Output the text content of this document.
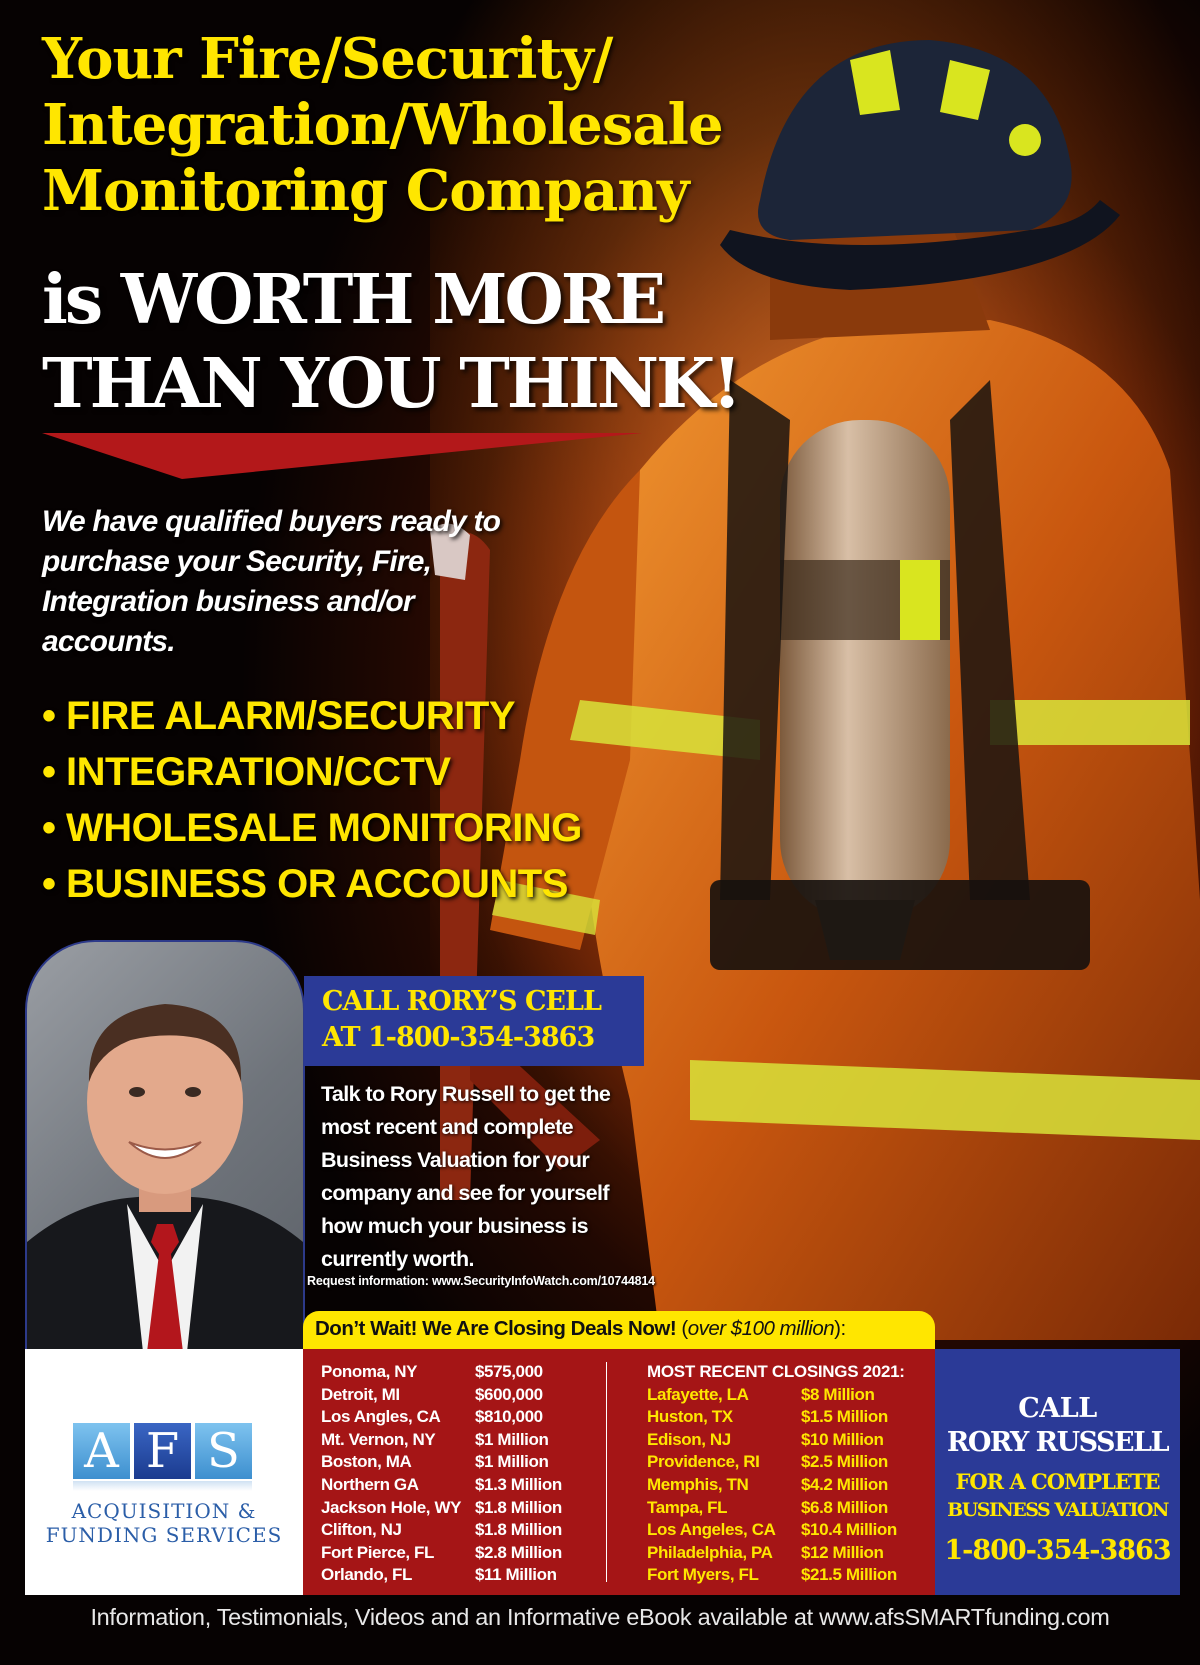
Your Fire/Security/
Integration/Wholesale
Monitoring Company
is WORTH MORE
THAN YOU THINK!

We have qualified buyers ready to purchase your Security, Fire, Integration business and/or accounts.

• FIRE ALARM/SECURITY
• INTEGRATION/CCTV
• WHOLESALE MONITORING
• BUSINESS OR ACCOUNTS
CALL RORY’S CELL
AT 1-800-354-3863

Talk to Rory Russell to get the most recent and complete Business Valuation for your company and see for yourself how much your business is currently worth.

Request information: www.SecurityInfoWatch.com/10744814

Don’t Wait! We Are Closing Deals Now! (over $100 million):
A F S
ACQUISITION &
FUNDING SERVICES
Ponoma, NY	$575,000
Detroit, MI	$600,000
Los Angles, CA	$810,000
Mt. Vernon, NY	$1 Million
Boston, MA	$1 Million
Northern GA	$1.3 Million
Jackson Hole, WY $1.8 Million
Clifton, NJ	$1.8 Million
Fort Pierce, FL	$2.8 Million
Orlando, FL	$11 Million
MOST RECENT CLOSINGS 2021:
Lafayette, LA	$8 Million
Huston, TX	$1.5 Million
Edison, NJ	$10 Million
Providence, RI	$2.5 Million
Memphis, TN	$4.2 Million
Tampa, FL	$6.8 Million
Los Angeles, CA	$10.4 Million
Philadelphia, PA	$12 Million
Fort Myers, FL	$21.5 Million
CALL
RORY RUSSELL
FOR A COMPLETE
BUSINESS VALUATION
1-800-354-3863
Information, Testimonials, Videos and an Informative eBook available at www.afsSMARTfunding.com
